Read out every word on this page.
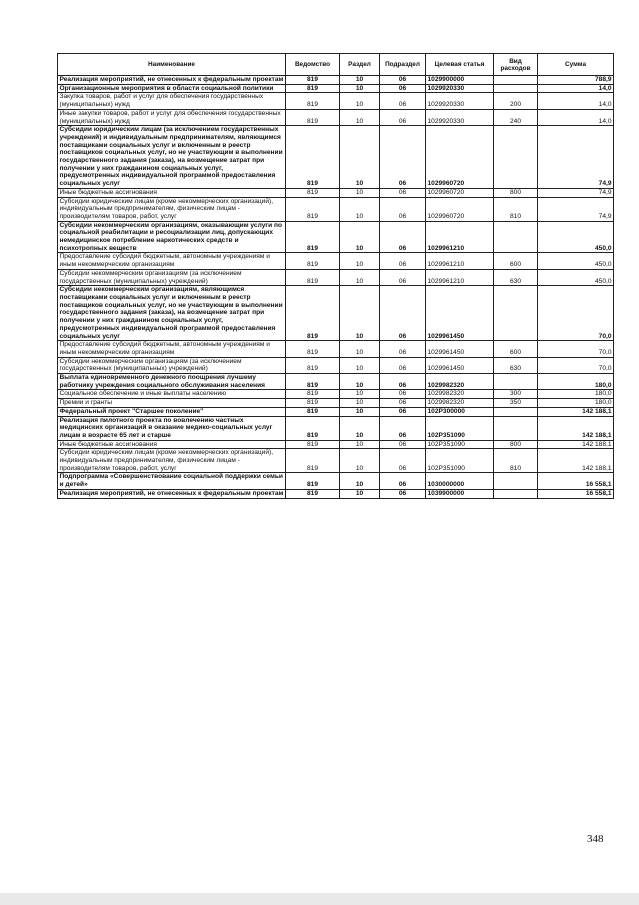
Наименование	Ведомство	Раздел	Подраздел	Целевая статья	Вид расходов	Сумма
Реализация мероприятий, не отнесенных к федеральным проектам	819	10	06	1029900000		788,9
Организационные мероприятия в области социальной политики	819	10	06	1029920330		14,0
Закупка товаров, работ и услуг для обеспечения государственных (муниципальных) нужд	819	10	06	1029920330	200	14,0
Иные закупки товаров, работ и услуг для обеспечения государственных (муниципальных) нужд	819	10	06	1029920330	240	14,0
Субсидии юридическим лицам (за исключением государственных учреждений) и индивидуальным предпринимателям, являющимся поставщиками социальных услуг и включенным в реестр поставщиков социальных услуг, но не участвующим в выполнении государственного задания (заказа), на возмещение затрат при получении у них гражданином социальных услуг, предусмотренных индивидуальной программой предоставления социальных услуг	819	10	06	1029960720		74,9
Иные бюджетные ассигнования	819	10	06	1029960720	800	74,9
Субсидии юридическим лицам (кроме некоммерческих организаций), индивидуальным предпринимателям, физическим лицам - производителям товаров, работ, услуг	819	10	06	1029960720	810	74,9
Субсидии некоммерческим организациям, оказывающим услуги по социальной реабилитации и ресоциализации лиц, допускающих немедицинское потребление наркотических средств и психотропных веществ	819	10	06	1029961210		450,0
Предоставление субсидий бюджетным, автономным учреждениям и иным некоммерческим организациям	819	10	06	1029961210	600	450,0
Субсидии некоммерческим организациям (за исключением государственных (муниципальных) учреждений)	819	10	06	1029961210	630	450,0
Субсидии некоммерческим организациям, являющимся поставщиками социальных услуг и включенным в реестр поставщиков социальных услуг, но не участвующим в выполнении государственного задания (заказа), на возмещение затрат при получении у них гражданином социальных услуг, предусмотренных индивидуальной программой предоставления социальных услуг	819	10	06	1029961450		70,0
Предоставление субсидий бюджетным, автономным учреждениям и иным некоммерческим организациям	819	10	06	1029961450	600	70,0
Субсидии некоммерческим организациям (за исключением государственных (муниципальных) учреждений)	819	10	06	1029961450	630	70,0
Выплата единовременного денежного поощрения лучшему работнику учреждения социального обслуживания населения	819	10	06	1029982320		180,0
Социальное обеспечение и иные выплаты населению	819	10	06	1029982320	300	180,0
Премии и гранты	819	10	06	1029982320	350	180,0
Федеральный проект "Старшее поколение"	819	10	06	102P300000		142 188,1
Реализация пилотного проекта по вовлечению частных медицинских организаций в оказание медико-социальных услуг лицам в возрасте 65 лет и старше	819	10	06	102P351090		142 188,1
Иные бюджетные ассигнования	819	10	06	102P351090	800	142 188,1
Субсидии юридическим лицам (кроме некоммерческих организаций), индивидуальным предпринимателям, физическим лицам - производителям товаров, работ, услуг	819	10	06	102P351090	810	142 188,1
Подпрограмма «Совершенствование социальной поддержки семьи и детей»	819	10	06	1030000000		16 558,1
Реализация мероприятий, не отнесенных к федеральным проектам	819	10	06	1039900000		16 558,1
348
